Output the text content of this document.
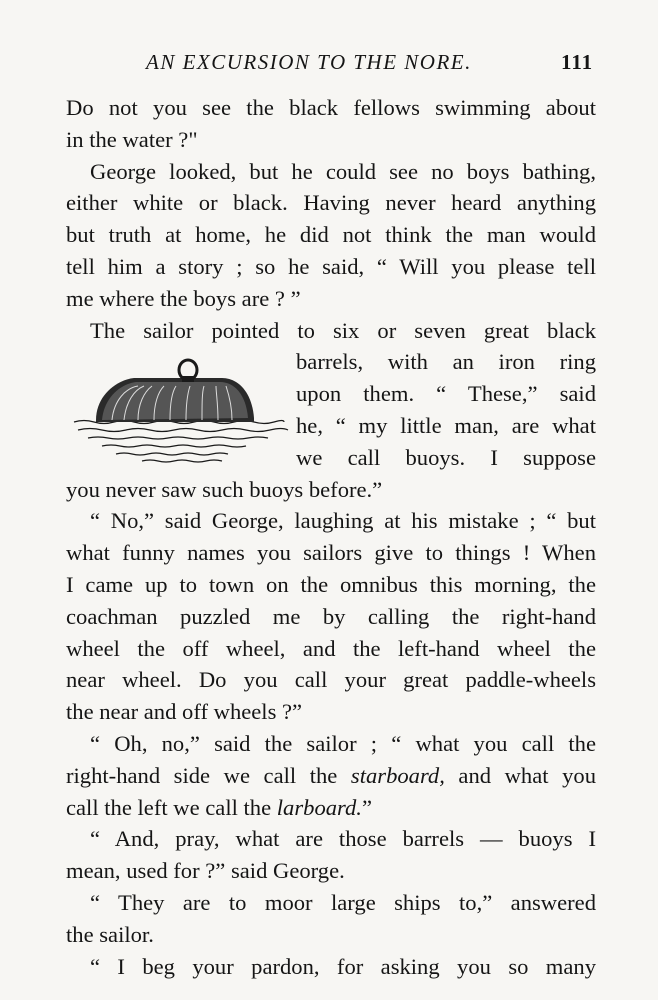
AN EXCURSION TO THE NORE.	111
Do not you see the black fellows swimming about
in the water ?"
George looked, but he could see no boys bathing,
either white or black. Having never heard anything
but truth at home, he did not think the man would
tell him a story ; so he said, “ Will you please tell
me where the boys are ? ”
The sailor pointed to six or seven great black
barrels, with an iron ring
upon them. “ These,” said
he, “ my little man, are what
we call buoys. I suppose
you never saw such buoys before.”
“ No,” said George, laughing at his mistake ; “ but
what funny names you sailors give to things ! When
I came up to town on the omnibus this morning, the
coachman puzzled me by calling the right-hand
wheel the off wheel, and the left-hand wheel the
near wheel. Do you call your great paddle-wheels
the near and off wheels ?”
“ Oh, no,” said the sailor ; “ what you call the
right-hand side we call the starboard, and what you
call the left we call the larboard.”
“ And, pray, what are those barrels — buoys I
mean, used for ?” said George.
“ They are to moor large ships to,” answered
the sailor.
“ I beg your pardon, for asking you so many
